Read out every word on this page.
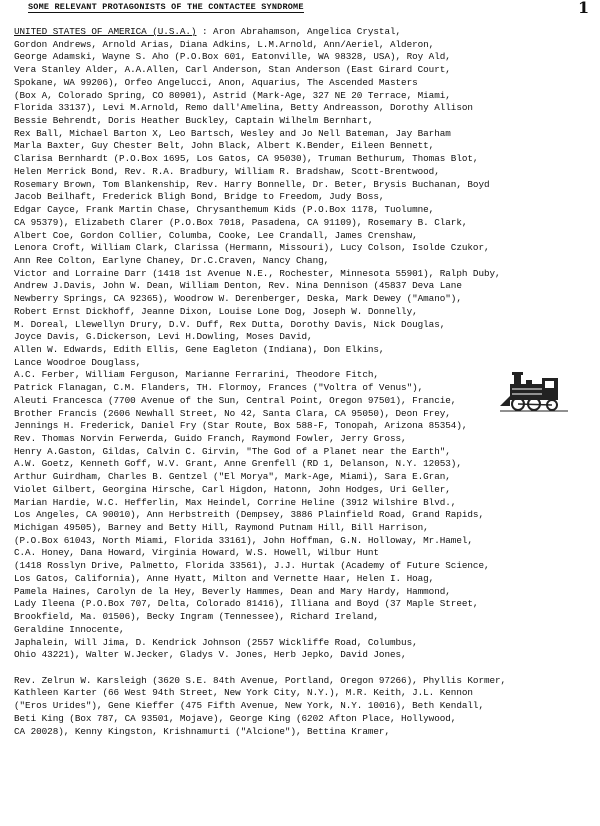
SOME RELEVANT PROTAGONISTS OF THE CONTACTEE SYNDROME	1
UNITED STATES OF AMERICA (U.S.A.) : Aron Abrahamson, Angelica Crystal,
Gordon Andrews, Arnold Arias, Diana Adkins, L.M.Arnold, Ann/Aeriel, Alderon,
George Adamski, Wayne S. Aho (P.O.Box 601, Eatonville, WA 98328, USA), Roy Ald,
Vera Stanley Alder, A.A.Allen, Carl Anderson, Stan Anderson (East Girard Court,
Spokane, WA 99206), Orfeo Angelucci, Anon, Aquarius, The Ascended Masters
(Box A, Colorado Spring, CO 80901), Astrid (Mark-Age, 327 NE 20 Terrace, Miami,
Florida 33137), Levi M.Arnold, Remo dall'Amelina, Betty Andreasson, Dorothy Allison
Bessie Behrendt, Doris Heather Buckley, Captain Wilhelm Bernhart,
Rex Ball, Michael Barton X, Leo Bartsch, Wesley and Jo Nell Bateman, Jay Barham
Marla Baxter, Guy Chester Belt, John Black, Albert K.Bender, Eileen Bennett,
Clarisa Bernhardt (P.O.Box 1695, Los Gatos, CA 95030), Truman Bethurum, Thomas Blot,
Helen Merrick Bond, Rev. R.A. Bradbury, William R. Bradshaw, Scott-Brentwood,
Rosemary Brown, Tom Blankenship, Rev. Harry Bonnelle, Dr. Beter, Brysis Buchanan, Boyd
Jacob Beilhaft, Frederick Bligh Bond, Bridge to Freedom, Judy Boss,
Edgar Cayce, Frank Martin Chase, Chrysanthemum Kids (P.O.Box 1178, Tuolumne,
CA 95379), Elizabeth Clarer (P.O.Box 7018, Pasadena, CA 91109), Rosemary B. Clark,
Albert Coe, Gordon Collier, Columba, Cooke, Lee Crandall, James Crenshaw,
Lenora Croft, William Clark, Clarissa (Hermann, Missouri), Lucy Colson, Isolde Czukor,
Ann Ree Colton, Earlyne Chaney, Dr.C.Craven, Nancy Chang,
Victor and Lorraine Darr (1418 1st Avenue N.E., Rochester, Minnesota 55901), Ralph Duby,
Andrew J.Davis, John W. Dean, William Denton, Rev. Nina Dennison (45837 Deva Lane
Newberry Springs, CA 92365), Woodrow W. Derenberger, Deska, Mark Dewey ("Amano"),
Robert Ernst Dickhoff, Jeanne Dixon, Louise Lone Dog, Joseph W. Donnelly,
M. Doreal, Llewellyn Drury, D.V. Duff, Rex Dutta, Dorothy Davis, Nick Douglas,
Joyce Davis, G.Dickerson, Levi H.Dowling, Moses David,
Allen W. Edwards, Edith Ellis, Gene Eagleton (Indiana), Don Elkins,
Lance Woodroe Douglass,
A.C. Ferber, William Ferguson, Marianne Ferrarini, Theodore Fitch,
Patrick Flanagan, C.M. Flanders, TH. Flormoy, Frances ("Voltra of Venus"),
Aleuti Francesca (7700 Avenue of the Sun, Central Point, Oregon 97501), Francie,
Brother Francis (2606 Newhall Street, No 42, Santa Clara, CA 95050), Deon Frey,
Jennings H. Frederick, Daniel Fry (Star Route, Box 588-F, Tonopah, Arizona 85354),
Rev. Thomas Norvin Ferwerda, Guido Franch, Raymond Fowler, Jerry Gross,
Henry A.Gaston, Gildas, Calvin C. Girvin, "The God of a Planet near the Earth",
A.W. Goetz, Kenneth Goff, W.V. Grant, Anne Grenfell (RD 1, Delanson, N.Y. 12053),
Arthur Guirdham, Charles B. Gentzel ("El Morya", Mark-Age, Miami), Sara E.Gran,
Violet Gilbert, Georgina Hirsche, Carl Higdon, Hatonn, John Hodges, Uri Geller,
Marian Hardie, W.C. Hefferlin, Max Heindel, Corrine Heline (3912 Wilshire Blvd.,
Los Angeles, CA 90010), Ann Herbstreith (Dempsey, 3886 Plainfield Road, Grand Rapids,
Michigan 49505), Barney and Betty Hill, Raymond Putnam Hill, Bill Harrison,
(P.O.Box 61043, North Miami, Florida 33161), John Hoffman, G.N. Holloway, Mr.Hamel,
C.A. Honey, Dana Howard, Virginia Howard, W.S. Howell, Wilbur Hunt
(1418 Rosslyn Drive, Palmetto, Florida 33561), J.J. Hurtak (Academy of Future Science,
Los Gatos, California), Anne Hyatt, Milton and Vernette Haar, Helen I. Hoag,
Pamela Haines, Carolyn de la Hey, Beverly Hammes, Dean and Mary Hardy, Hammond,
Lady Ileena (P.O.Box 707, Delta, Colorado 81416), Illiana and Boyd (37 Maple Street,
Brookfield, Ma. 01506), Becky Ingram (Tennessee), Richard Ireland,
Geraldine Innocente,
Japhalein, Will Jima, D. Kendrick Johnson (2557 Wickliffe Road, Columbus,
Ohio 43221), Walter W.Jecker, Gladys V. Jones, Herb Jepko, David Jones,
Rev. Zelrun W. Karsleigh (3620 S.E. 84th Avenue, Portland, Oregon 97266), Phyllis Kormer,
Kathleen Karter (66 West 94th Street, New York City, N.Y.), M.R. Keith, J.L. Kennon
("Eros Urides"), Gene Kieffer (475 Fifth Avenue, New York, N.Y. 10016), Beth Kendall,
Beti King (Box 787, CA 93501, Mojave), George King (6202 Afton Place, Hollywood,
CA 20028), Kenny Kingston, Krishnamurti ("Alcione"), Bettina Kramer,
